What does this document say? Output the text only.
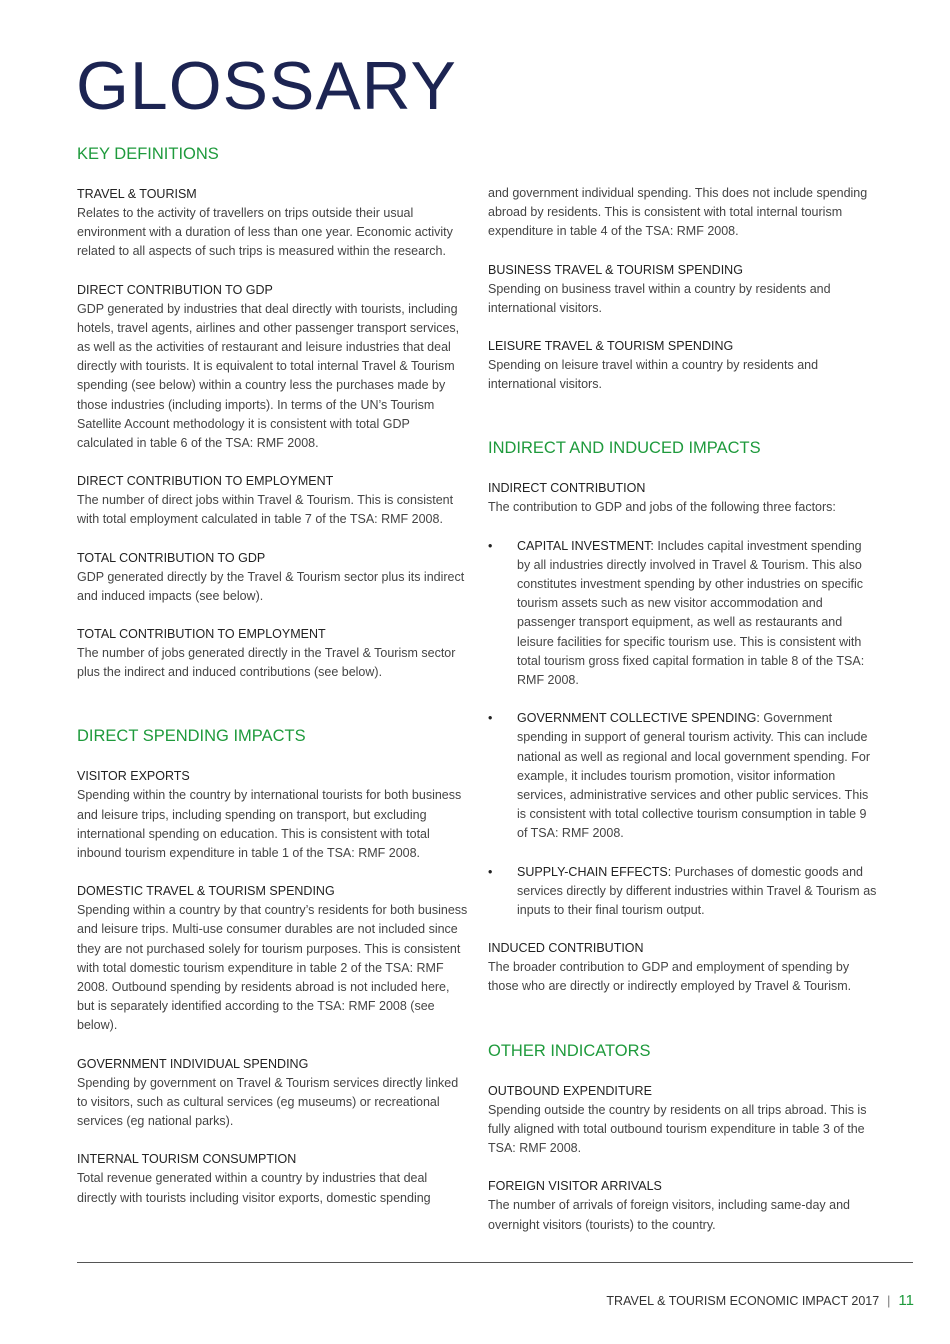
GLOSSARY
KEY DEFINITIONS
TRAVEL & TOURISM
Relates to the activity of travellers on trips outside their usual environment with a duration of less than one year. Economic activity related to all aspects of such trips is measured within the research.
DIRECT CONTRIBUTION TO GDP
GDP generated by industries that deal directly with tourists, including hotels, travel agents, airlines and other passenger transport services, as well as the activities of restaurant and leisure industries that deal directly with tourists. It is equivalent to total internal Travel & Tourism spending (see below) within a country less the purchases made by those industries (including imports). In terms of the UN’s Tourism Satellite Account methodology it is consistent with total GDP calculated in table 6 of the TSA: RMF 2008.
DIRECT CONTRIBUTION TO EMPLOYMENT
The number of direct jobs within Travel & Tourism. This is consistent with total employment calculated in table 7 of the TSA: RMF 2008.
TOTAL CONTRIBUTION TO GDP
GDP generated directly by the Travel & Tourism sector plus its indirect and induced impacts (see below).
TOTAL CONTRIBUTION TO EMPLOYMENT
The number of jobs generated directly in the Travel & Tourism sector plus the indirect and induced contributions (see below).
DIRECT SPENDING IMPACTS
VISITOR EXPORTS
Spending within the country by international tourists for both business and leisure trips, including spending on transport, but excluding international spending on education. This is consistent with total inbound tourism expenditure in table 1 of the TSA: RMF 2008.
DOMESTIC TRAVEL & TOURISM SPENDING
Spending within a country by that country’s residents for both business and leisure trips. Multi-use consumer durables are not included since they are not purchased solely for tourism purposes. This is consistent with total domestic tourism expenditure in table 2 of the TSA: RMF 2008. Outbound spending by residents abroad is not included here, but is separately identified according to the TSA: RMF 2008 (see below).
GOVERNMENT INDIVIDUAL SPENDING
Spending by government on Travel & Tourism services directly linked to visitors, such as cultural services (eg museums) or recreational services (eg national parks).
INTERNAL TOURISM CONSUMPTION
Total revenue generated within a country by industries that deal directly with tourists including visitor exports, domestic spending
and government individual spending. This does not include spending abroad by residents. This is consistent with total internal tourism expenditure in table 4 of the TSA: RMF 2008.
BUSINESS TRAVEL & TOURISM SPENDING
Spending on business travel within a country by residents and international visitors.
LEISURE TRAVEL & TOURISM SPENDING
Spending on leisure travel within a country by residents and international visitors.
INDIRECT AND INDUCED IMPACTS
INDIRECT CONTRIBUTION
The contribution to GDP and jobs of the following three factors:
• CAPITAL INVESTMENT: Includes capital investment spending by all industries directly involved in Travel & Tourism. This also constitutes investment spending by other industries on specific tourism assets such as new visitor accommodation and passenger transport equipment, as well as restaurants and leisure facilities for specific tourism use. This is consistent with total tourism gross fixed capital formation in table 8 of the TSA: RMF 2008.
• GOVERNMENT COLLECTIVE SPENDING: Government spending in support of general tourism activity. This can include national as well as regional and local government spending. For example, it includes tourism promotion, visitor information services, administrative services and other public services. This is consistent with total collective tourism consumption in table 9 of TSA: RMF 2008.
• SUPPLY-CHAIN EFFECTS: Purchases of domestic goods and services directly by different industries within Travel & Tourism as inputs to their final tourism output.
INDUCED CONTRIBUTION
The broader contribution to GDP and employment of spending by those who are directly or indirectly employed by Travel & Tourism.
OTHER INDICATORS
OUTBOUND EXPENDITURE
Spending outside the country by residents on all trips abroad. This is fully aligned with total outbound tourism expenditure in table 3 of the TSA: RMF 2008.
FOREIGN VISITOR ARRIVALS
The number of arrivals of foreign visitors, including same-day and overnight visitors (tourists) to the country.
TRAVEL & TOURISM ECONOMIC IMPACT 2017 | 11
